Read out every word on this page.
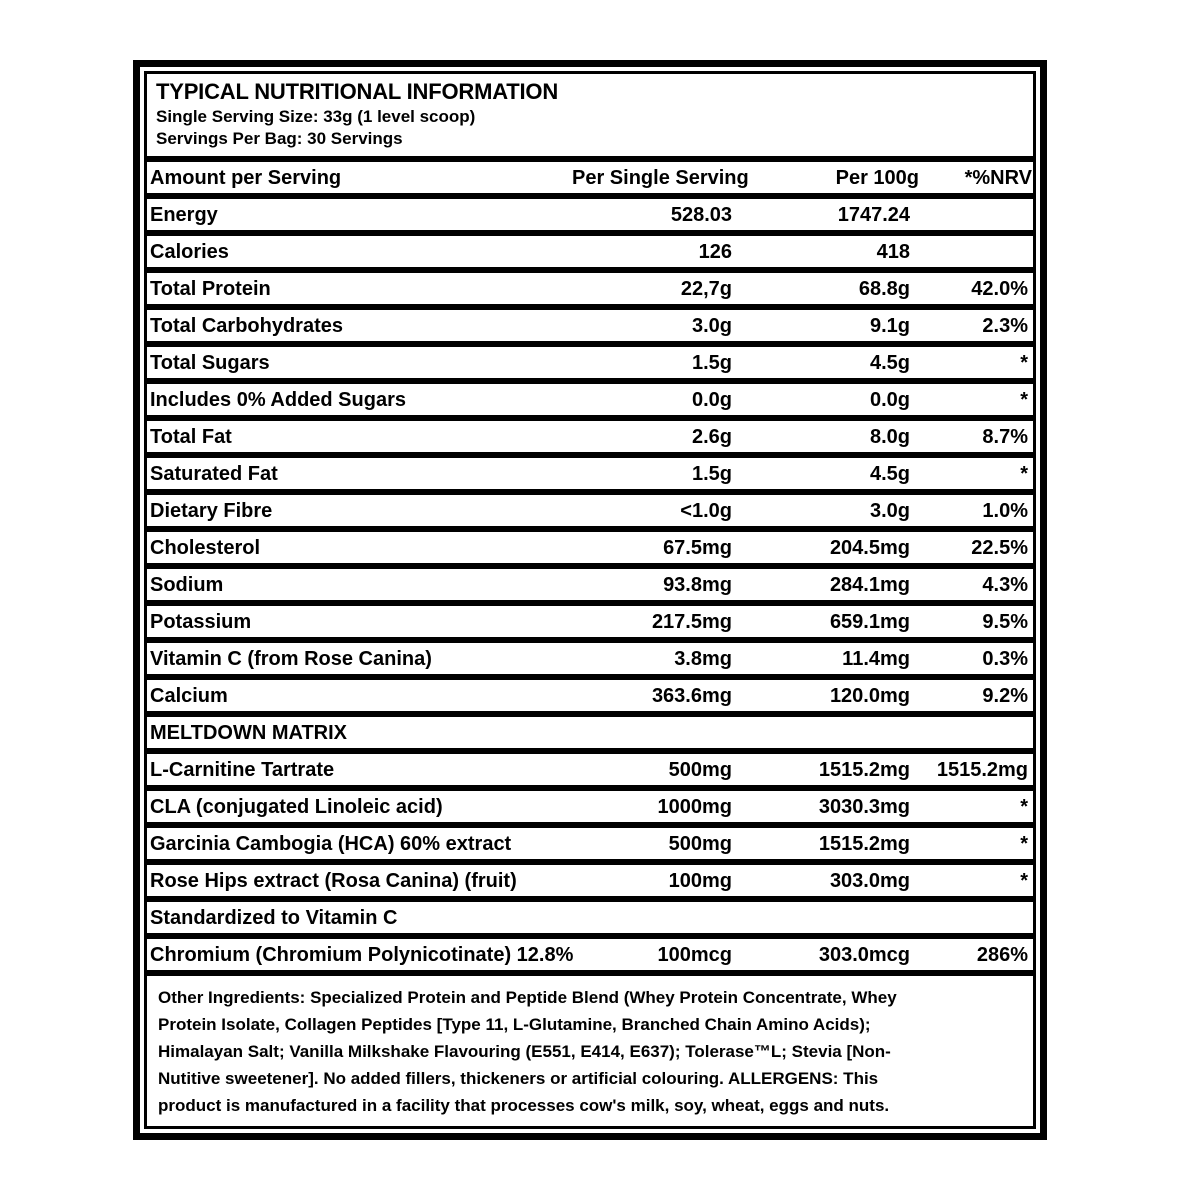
TYPICAL NUTRITIONAL INFORMATION
Single Serving Size: 33g (1 level scoop)
Servings Per Bag: 30 Servings
Amount per Serving	Per Single Serving	Per 100g	*%NRV
Energy	528.03	1747.24
Calories	126	418
Total Protein	22,7g	68.8g	42.0%
Total Carbohydrates	3.0g	9.1g	2.3%
Total Sugars	1.5g	4.5g	*
Includes 0% Added Sugars	0.0g	0.0g	*
Total Fat	2.6g	8.0g	8.7%
Saturated Fat	1.5g	4.5g	*
Dietary Fibre	<1.0g	3.0g	1.0%
Cholesterol	67.5mg	204.5mg	22.5%
Sodium	93.8mg	284.1mg	4.3%
Potassium	217.5mg	659.1mg	9.5%
Vitamin C (from Rose Canina)	3.8mg	11.4mg	0.3%
Calcium	363.6mg	120.0mg	9.2%
MELTDOWN MATRIX
L-Carnitine Tartrate	500mg	1515.2mg	1515.2mg
CLA (conjugated Linoleic acid)	1000mg	3030.3mg	*
Garcinia Cambogia (HCA) 60% extract	500mg	1515.2mg	*
Rose Hips extract (Rosa Canina) (fruit)	100mg	303.0mg	*
Standardized to Vitamin C
Chromium (Chromium Polynicotinate) 12.8%	100mcg	303.0mcg	286%
Other Ingredients: Specialized Protein and Peptide Blend (Whey Protein Concentrate, Whey
Protein Isolate, Collagen Peptides [Type 11, L-Glutamine, Branched Chain Amino Acids);
Himalayan Salt; Vanilla Milkshake Flavouring (E551, E414, E637); Tolerase™L; Stevia [Non-
Nutitive sweetener]. No added fillers, thickeners or artificial colouring. ALLERGENS: This
product is manufactured in a facility that processes cow's milk, soy, wheat, eggs and nuts.
